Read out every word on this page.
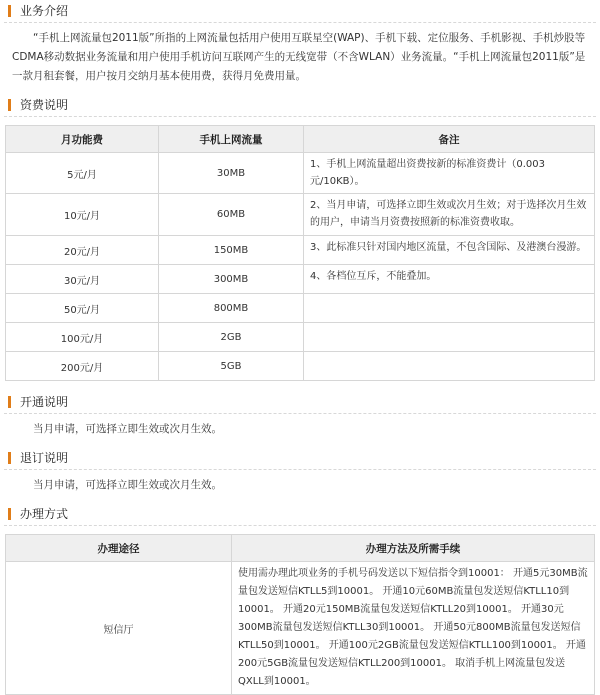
业务介绍
“手机上网流量包2011版”所指的上网流量包括用户使用互联星空(WAP)、手机下载、定位服务、手机影视、手机炒股等CDMA移动数据业务流量和用户使用手机访问互联网产生的无线宽带（不含WLAN）业务流量。“手机上网流量包2011版”是一款月租套餐，用户按月交纳月基本使用费，获得月免费用量。
资费说明
月功能费	手机上网流量	备注
5元/月	30MB	1、手机上网流量超出资费按新的标准资费计（0.003元/10KB）。
10元/月	60MB	2、当月申请，可选择立即生效或次月生效；对于选择次月生效的用户，申请当月资费按照新的标准资费收取。
20元/月	150MB	3、此标准只针对国内地区流量，不包含国际、及港澳台漫游。
30元/月	300MB	4、各档位互斥，不能叠加。
50元/月	800MB	
100元/月	2GB	
200元/月	5GB	
开通说明
当月申请，可选择立即生效或次月生效。
退订说明
当月申请，可选择立即生效或次月生效。
办理方式
办理途径	办理方法及所需手续
短信厅	使用需办理此项业务的手机号码发送以下短信指令到10001： 开通5元30MB流量包发送短信KTLL5到10001。 开通10元60MB流量包发送短信KTLL10到10001。 开通20元150MB流量包发送短信KTLL20到10001。 开通30元300MB流量包发送短信KTLL30到10001。 开通50元800MB流量包发送短信KTLL50到10001。 开通100元2GB流量包发送短信KTLL100到10001。 开通200元5GB流量包发送短信KTLL200到10001。 取消手机上网流量包发送QXLL到10001。
